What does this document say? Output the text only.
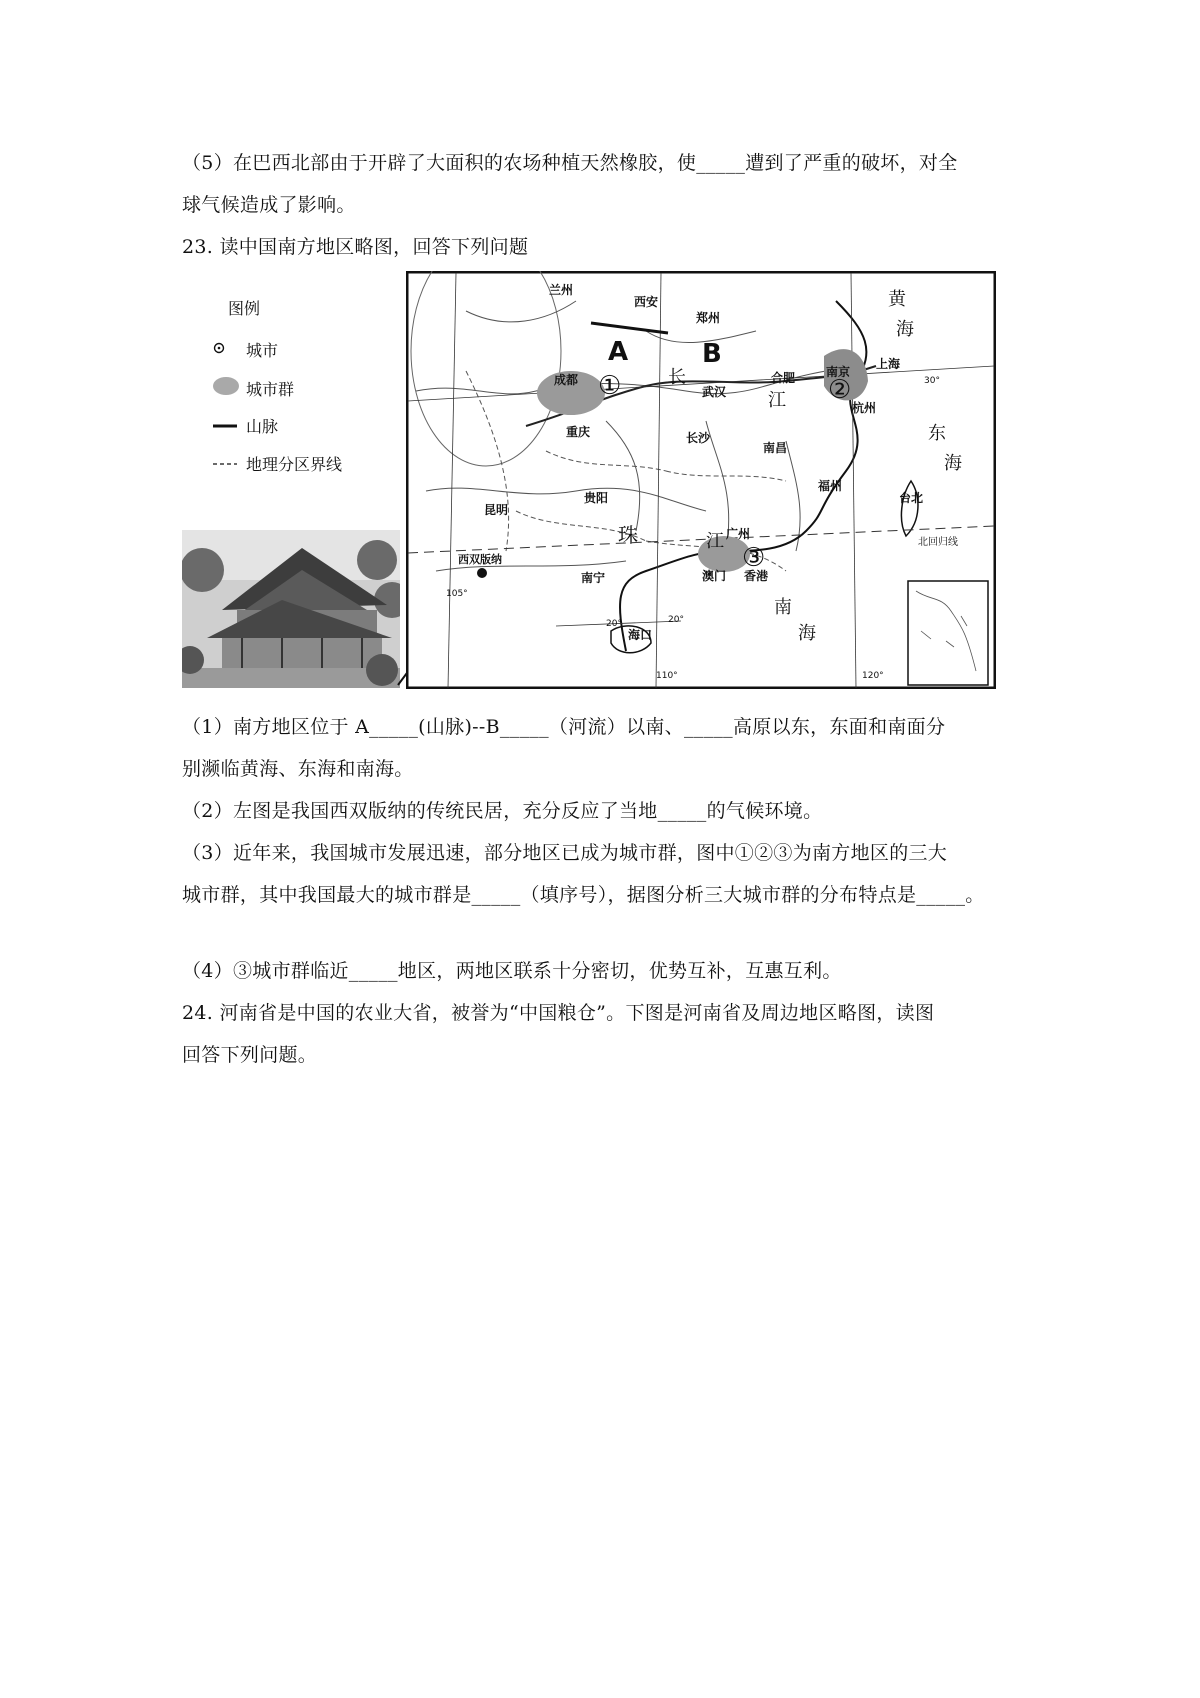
（5）在巴西北部由于开辟了大面积的农场种植天然橡胶，使_____遭到了严重的破坏，对全
球气候造成了影响。
23. 读中国南方地区略图，回答下列问题
图例
城市
城市群
山脉
地理分区界线
兰州
西安
郑州
成都
重庆
武汉
合肥	南京
上海
杭州
长沙
南昌
贵阳
福州
台北
昆明
西双版纳
南宁
广州
澳门 香港
海口
黄
海
东
海
南
海
A	B
长
江
珠	江
①	②
③
北回归线
30°
20°	20°
110°	120°
105°
（1）南方地区位于 A_____(山脉)--B_____（河流）以南、_____高原以东，东面和南面分
别濒临黄海、东海和南海。
（2）左图是我国西双版纳的传统民居，充分反应了当地_____的气候环境。
（3）近年来，我国城市发展迅速，部分地区已成为城市群，图中①②③为南方地区的三大
城市群，其中我国最大的城市群是_____（填序号），据图分析三大城市群的分布特点是_____。
（4）③城市群临近_____地区，两地区联系十分密切，优势互补，互惠互利。
24. 河南省是中国的农业大省，被誉为“中国粮仓”。下图是河南省及周边地区略图，读图
回答下列问题。
